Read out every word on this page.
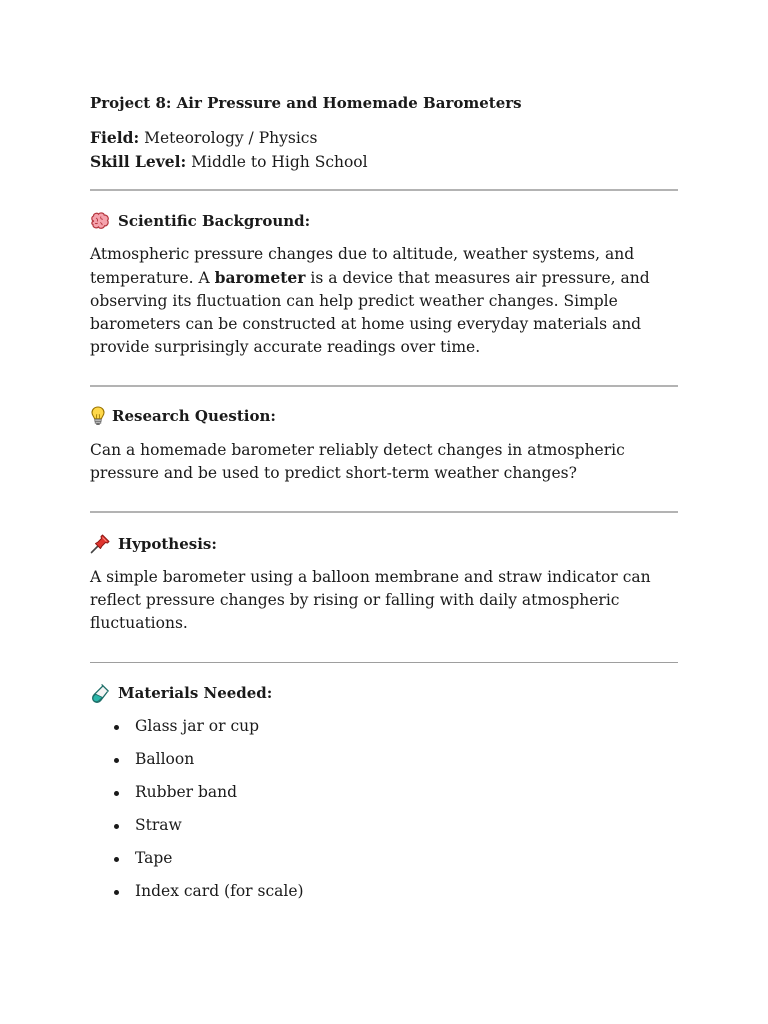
Project 8: Air Pressure and Homemade Barometers

Field: Meteorology / Physics

Skill Level: Middle to High School

Scientific Background:

Atmospheric pressure changes due to altitude, weather systems, and temperature. A barometer is a device that measures air pressure, and observing its fluctuation can help predict weather changes. Simple barometers can be constructed at home using everyday materials and provide surprisingly accurate readings over time.

Research Question:

Can a homemade barometer reliably detect changes in atmospheric pressure and be used to predict short-term weather changes?

Hypothesis:

A simple barometer using a balloon membrane and straw indicator can reflect pressure changes by rising or falling with daily atmospheric fluctuations.

Materials Needed:
Glass jar or cup
Balloon
Rubber band
Straw
Tape
Index card (for scale)
